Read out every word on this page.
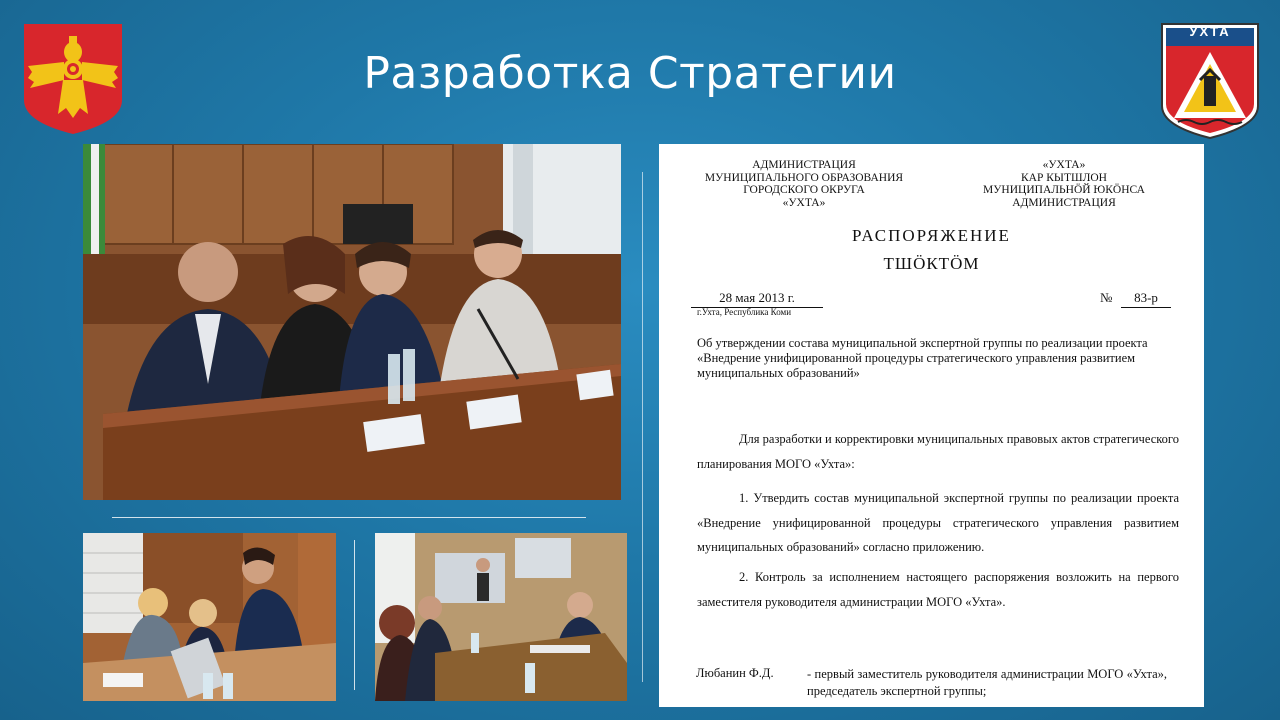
Разработка Стратегии
УХТА
АДМИНИСТРАЦИЯ
МУНИЦИПАЛЬНОГО ОБРАЗОВАНИЯ
ГОРОДСКОГО ОКРУГА
«УХТА»
«УХТА»
КАР КЫТШЛОН
МУНИЦИПАЛЬНÖЙ ЮКÖНСА
АДМИНИСТРАЦИЯ
РАСПОРЯЖЕНИЕ
ТШÖКТÖМ
28 мая 2013 г.
г.Ухта, Республика Коми
№	83-р
Об утверждении состава муниципальной экспертной группы по реализации проекта «Внедрение унифицированной процедуры стратегического управления развитием муниципальных образований»
Для разработки и корректировки муниципальных правовых актов стратегического планирования МОГО «Ухта»:
1. Утвердить состав муниципальной экспертной группы по реализации проекта «Внедрение унифицированной процедуры стратегического управления развитием муниципальных образований» согласно приложению.
2. Контроль за исполнением настоящего распоряжения возложить на первого заместителя руководителя администрации МОГО «Ухта».
Любанин Ф.Д.	- первый заместитель руководителя администрации МОГО «Ухта», председатель экспертной группы;
